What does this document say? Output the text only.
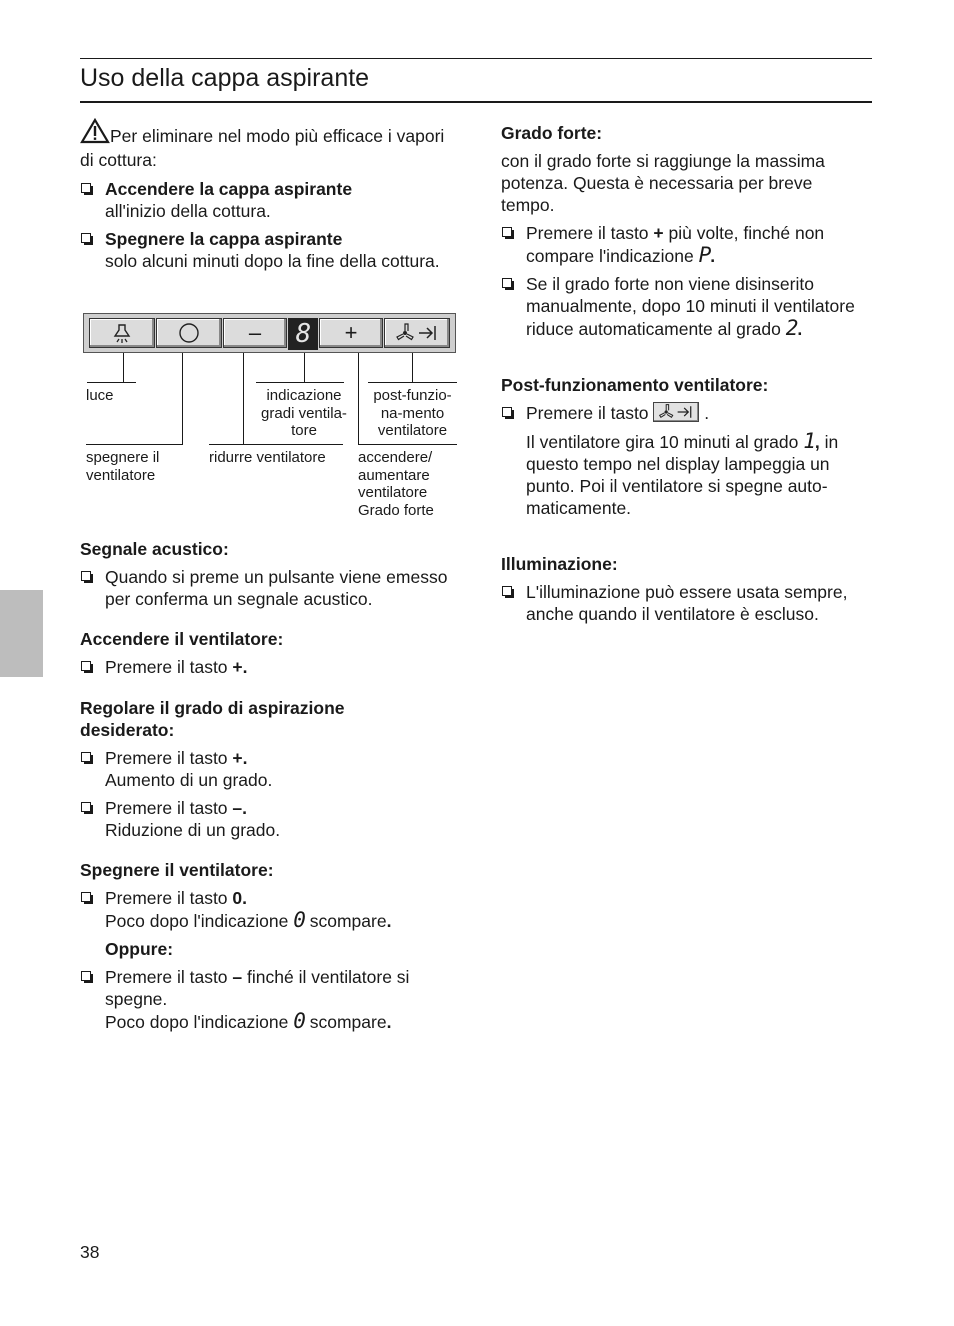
Uso della cappa aspirante

Per eliminare nel modo più efficace i vapori di cottura:

Accendere la cappa aspirante
all'inizio della cottura.
Spegnere la cappa aspirante
solo alcuni minuti dopo la fine della cottura.
– 8 +
luce	indicazione gradi ventila- tore
post-funzio- na-mento ventilatore
spegnere il ventilatore
ridurre ventilatore accendere/ aumentare ventilatore Grado forte
Segnale acustico:
Quando si preme un pulsante viene emesso per conferma un segnale acustico.
Accendere il ventilatore:
Premere il tasto +.
Regolare il grado di aspirazione desiderato:
Premere il tasto +.
Aumento di un grado.
Premere il tasto –.
Riduzione di un grado.
Spegnere il ventilatore:
Premere il tasto 0.
Poco dopo l'indicazione 0 scompare.
Oppure:
Premere il tasto – finché il ventilatore si spegne.
Poco dopo l'indicazione 0 scompare.
Grado forte:

con il grado forte si raggiunge la massima potenza. Questa è necessaria per breve tempo.

Premere il tasto + più volte, finché non compare l'indicazione P.
Se il grado forte non viene disinserito manualmente, dopo 10 minuti il ventilatore riduce automaticamente al grado 2.
Post-funzionamento ventilatore:
Premere il tasto	.
Il ventilatore gira 10 minuti al grado 1, in questo tempo nel display lampeggia un punto. Poi il ventilatore si spegne auto-maticamente.
Illuminazione:
L'illuminazione può essere usata sempre, anche quando il ventilatore è escluso.
38
